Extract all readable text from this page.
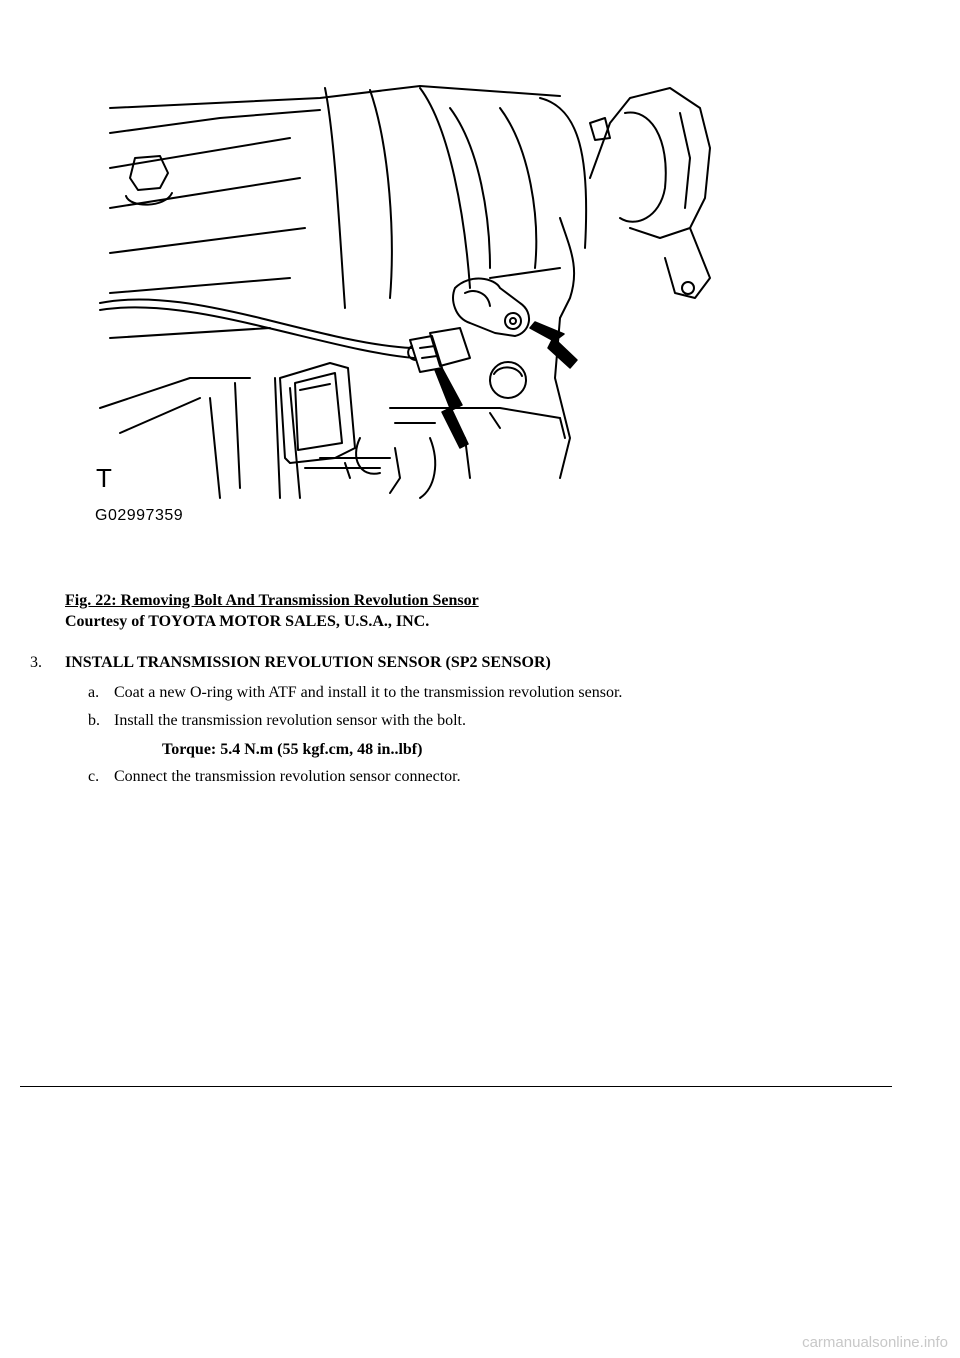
T
G02997359
Fig. 22: Removing Bolt And Transmission Revolution Sensor
Courtesy of TOYOTA MOTOR SALES, U.S.A., INC.
3. INSTALL TRANSMISSION REVOLUTION SENSOR (SP2 SENSOR)
a. Coat a new O-ring with ATF and install it to the transmission revolution sensor.
b. Install the transmission revolution sensor with the bolt.
Torque: 5.4 N.m (55 kgf.cm, 48 in..lbf)
c. Connect the transmission revolution sensor connector.
carmanualsonline.info
